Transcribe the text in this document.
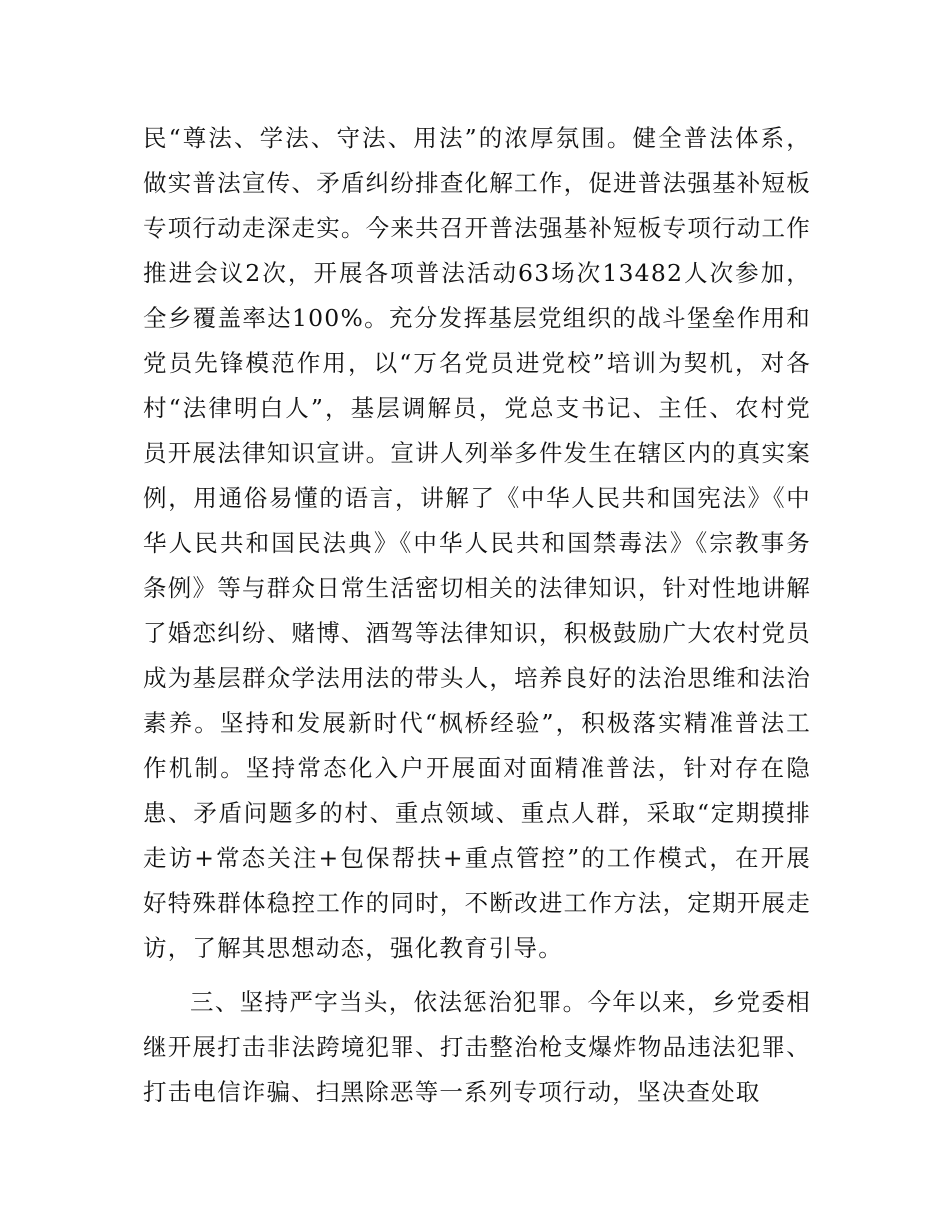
民“尊法、学法、守法、用法”的浓厚氛围。健全普法体系，做实普法宣传、矛盾纠纷排查化解工作，促进普法强基补短板专项行动走深走实。今来共召开普法强基补短板专项行动工作推进会议2次，开展各项普法活动63场次13482人次参加，全乡覆盖率达100%。充分发挥基层党组织的战斗堡垒作用和党员先锋模范作用，以“万名党员进党校”培训为契机，对各村“法律明白人”，基层调解员，党总支书记、主任、农村党员开展法律知识宣讲。宣讲人列举多件发生在辖区内的真实案例，用通俗易懂的语言，讲解了《中华人民共和国宪法》《中华人民共和国民法典》《中华人民共和国禁毒法》《宗教事务条例》等与群众日常生活密切相关的法律知识，针对性地讲解了婚恋纠纷、赌博、酒驾等法律知识，积极鼓励广大农村党员成为基层群众学法用法的带头人，培养良好的法治思维和法治素养。坚持和发展新时代“枫桥经验”，积极落实精准普法工作机制。坚持常态化入户开展面对面精准普法，针对存在隐患、矛盾问题多的村、重点领域、重点人群，采取“定期摸排走访+常态关注+包保帮扶+重点管控”的工作模式，在开展好特殊群体稳控工作的同时，不断改进工作方法，定期开展走访，了解其思想动态，强化教育引导。

三、坚持严字当头，依法惩治犯罪。今年以来，乡党委相继开展打击非法跨境犯罪、打击整治枪支爆炸物品违法犯罪、打击电信诈骗、扫黑除恶等一系列专项行动，坚决查处取
